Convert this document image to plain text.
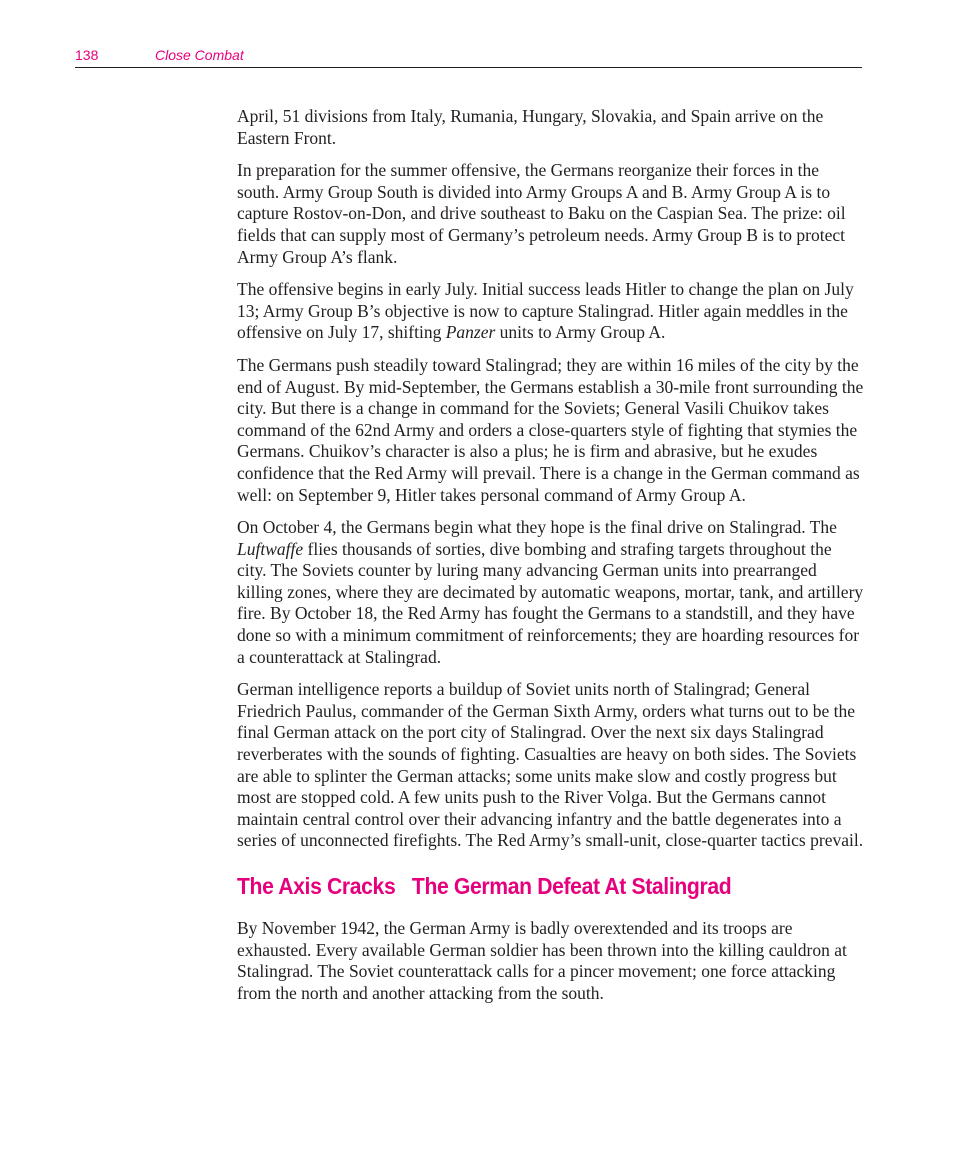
138	Close Combat

April, 51 divisions from Italy, Rumania, Hungary, Slovakia, and Spain arrive on the Eastern Front.

In preparation for the summer offensive, the Germans reorganize their forces in the south. Army Group South is divided into Army Groups A and B. Army Group A is to capture Rostov-on-Don, and drive southeast to Baku on the Caspian Sea. The prize: oil fields that can supply most of Germany’s petroleum needs. Army Group B is to protect Army Group A’s flank.

The offensive begins in early July. Initial success leads Hitler to change the plan on July 13; Army Group B’s objective is now to capture Stalingrad. Hitler again meddles in the offensive on July 17, shifting Panzer units to Army Group A.

The Germans push steadily toward Stalingrad; they are within 16 miles of the city by the end of August. By mid-September, the Germans establish a 30-mile front surrounding the city. But there is a change in command for the Soviets; General Vasili Chuikov takes command of the 62nd Army and orders a close-quarters style of fighting that stymies the Germans. Chuikov’s character is also a plus; he is firm and abrasive, but he exudes confidence that the Red Army will prevail. There is a change in the German command as well: on September 9, Hitler takes personal command of Army Group A.

On October 4, the Germans begin what they hope is the final drive on Stalingrad. The Luftwaffe flies thousands of sorties, dive bombing and strafing targets throughout the city. The Soviets counter by luring many advancing German units into prearranged killing zones, where they are decimated by automatic weapons, mortar, tank, and artillery fire. By October 18, the Red Army has fought the Germans to a standstill, and they have done so with a minimum commitment of reinforcements; they are hoarding resources for a counterattack at Stalingrad.

German intelligence reports a buildup of Soviet units north of Stalingrad; General Friedrich Paulus, commander of the German Sixth Army, orders what turns out to be the final German attack on the port city of Stalingrad. Over the next six days Stalingrad reverberates with the sounds of fighting. Casualties are heavy on both sides. The Soviets are able to splinter the German attacks; some units make slow and costly progress but most are stopped cold. A few units push to the River Volga. But the Germans cannot maintain central control over their advancing infantry and the battle degenerates into a series of unconnected firefights. The Red Army’s small-unit, close-quarter tactics prevail.

The Axis Cracks   The German Defeat At Stalingrad

By November 1942, the German Army is badly overextended and its troops are exhausted. Every available German soldier has been thrown into the killing cauldron at Stalingrad. The Soviet counterattack calls for a pincer movement; one force attacking from the north and another attacking from the south.
